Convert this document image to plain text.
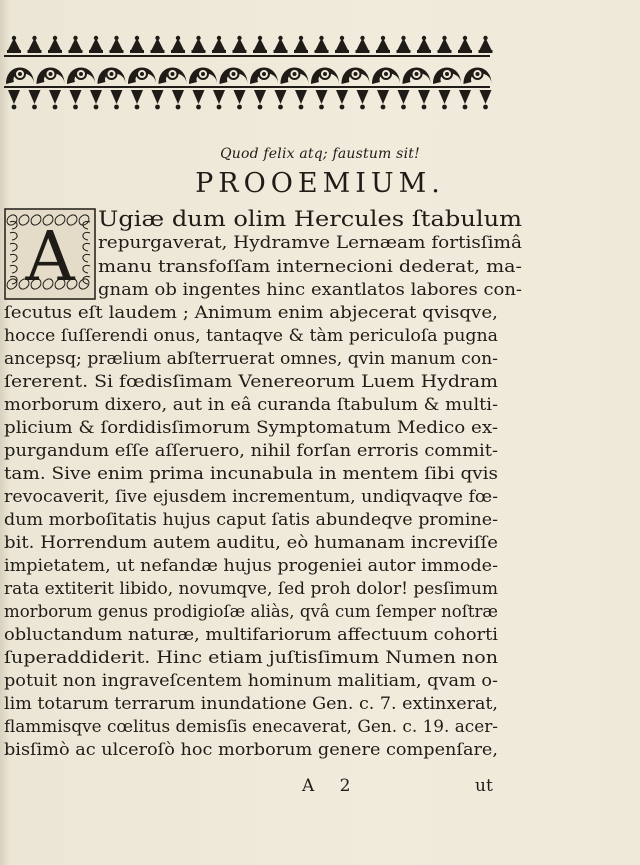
Quod felix atq; faustum sit!
PROOEMIUM.
A Ugiæ dum olim Hercules ſtabulum
repurgaverat, Hydramve Lernæam fortisſimâ
manu transfoſſam internecioni dederat, ma-
gnam ob ingentes hinc exantlatos labores con-
ſecutus eſt laudem ; Animum enim abjecerat qvisqve,
hocce ſuſſerendi onus, tantaqve & tàm periculoſa pugna
ancepsq; prælium abſterruerat omnes, qvin manum con-
ſererent. Si fœdisſimam Venereorum Luem Hydram
morborum dixero, aut in eâ curanda ſtabulum & multi-
plicium & ſordidisſimorum Symptomatum Medico ex-
purgandum eſſe aſſeruero, nihil forſan erroris commit-
tam. Sive enim prima incunabula in mentem ſibi qvis
revocaverit, ſive ejusdem incrementum, undiqvaqve fœ-
dum morboſitatis hujus caput ſatis abundeqve promine-
bit. Horrendum autem auditu, eò humanam increviſſe
impietatem, ut nefandæ hujus progeniei autor immode-
rata extiterit libido, novumqve, ſed proh dolor! pesſimum
morborum genus prodigioſæ aliàs, qvâ cum ſemper noſtræ
obluctandum naturæ, multifariorum affectuum cohorti
ſuperaddiderit. Hinc etiam juſtisſimum Numen non
potuit non ingraveſcentem hominum malitiam, qvam o-
lim totarum terrarum inundatione Gen. c. 7. extinxerat,
flammisqve cœlitus demisſis enecaverat, Gen. c. 19. acer-
bisſimò ac ulceroſò hoc morborum genere compenſare,
A 2	ut
